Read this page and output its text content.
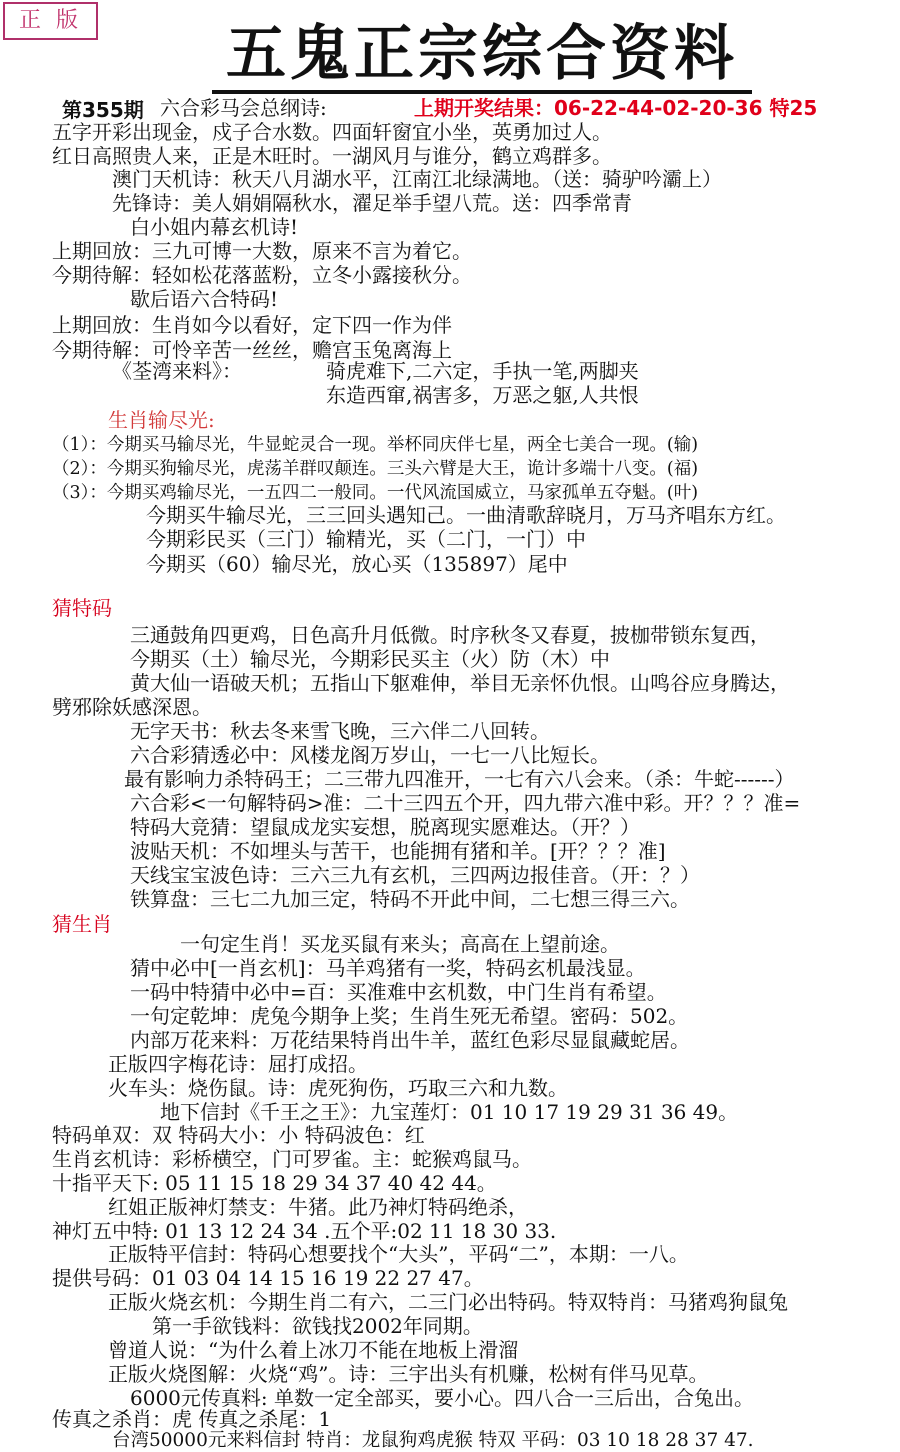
正 版 五鬼正宗综合资料
第355期 六合彩马会总纲诗:	上期开奖结果：06-22-44-02-20-36 特25
五字开彩出现金，戍子合水数。四面轩窗宜小坐，英勇加过人。
红日高照贵人来，正是木旺时。一湖风月与谁分，鹤立鸡群多。
澳门天机诗：秋天八月湖水平，江南江北绿满地。（送：骑驴吟灞上）
先锋诗：美人娟娟隔秋水，濯足举手望八荒。送：四季常青
白小姐内幕玄机诗!
上期回放：三九可博一大数，原来不言为着它。
今期待解：轻如松花落蓝粉，立冬小露接秋分。
歇后语六合特码!
上期回放：生肖如今以看好，定下四一作为伴
今期待解：可怜辛苦一丝丝，赡宫玉兔离海上
《荃湾来料》：	骑虎难下,二六定，手执一笔,两脚夹
东造西窜,祸害多，万恶之躯,人共恨
生肖输尽光:
（1）：今期买马输尽光，牛显蛇灵合一现。举杯同庆伴七星，两全七美合一现。(输)
（2）：今期买狗输尽光，虎荡羊群叹颠连。三头六臂是大王，诡计多端十八变。(福)
（3）：今期买鸡输尽光，一五四二一般同。一代风流国威立，马家孤单五夺魁。(叶)
今期买牛输尽光，三三回头遇知己。一曲清歌辞晓月，万马齐唱东方红。
今期彩民买（三门）输精光，买（二门，一门）中
今期买（60）输尽光，放心买（135897）尾中
猜特码
三通鼓角四更鸡，日色高升月低微。时序秋冬又春夏，披枷带锁东复西，
今期买（土）输尽光，今期彩民买主（火）防（木）中
黄大仙一语破天机；五指山下躯难伸，举目无亲怀仇恨。山鸣谷应身腾达，
劈邪除妖感深恩。
无字天书：秋去冬来雪飞晚，三六伴二八回转。
六合彩猜透必中：风楼龙阁万岁山，一七一八比短长。
最有影响力杀特码王；二三带九四准开，一七有六八会来。（杀：牛蛇------）
六合彩<一句解特码>准：二十三四五个开，四九带六准中彩。开？？？准=
特码大竞猜：望鼠成龙实妄想，脱离现实愿难达。（开？）
波贴天机：不如埋头与苦干，也能拥有猪和羊。[开？？？准]
天线宝宝波色诗：三六三九有玄机，三四两边报佳音。（开：？）
铁算盘：三七二九加三定，特码不开此中间，二七想三得三六。
猜生肖
一句定生肖！买龙买鼠有来头；高高在上望前途。
猜中必中[一肖玄机]：马羊鸡猪有一奖，特码玄机最浅显。
一码中特猜中必中=百：买准难中玄机数，中门生肖有希望。
一句定乾坤：虎兔今期争上奖；生肖生死无希望。密码：502。
内部万花来料：万花结果特肖出牛羊，蓝红色彩尽显鼠藏蛇居。
正版四字梅花诗：屈打成招。
火车头：烧伤鼠。诗：虎死狗伤，巧取三六和九数。
地下信封《千王之王》：九宝莲灯：01 10 17 19 29 31 36 49。
特码单双：双 特码大小：小 特码波色：红
生肖玄机诗：彩桥横空，门可罗雀。主：蛇猴鸡鼠马。
十指平天下: 05 11 15 18 29 34 37 40 42 44。
红姐正版神灯禁支：牛猪。此乃神灯特码绝杀，
神灯五中特: 01 13 12 24 34 .五个平:02 11 18 30 33.
正版特平信封：特码心想要找个“大头”，平码“二”，本期：一八。
提供号码：01 03 04 14 15 16 19 22 27 47。
正版火烧玄机：今期生肖二有六，二三门必出特码。特双特肖：马猪鸡狗鼠兔
第一手欲钱料：欲钱找2002年同期。
曾道人说：“为什么着上冰刀不能在地板上滑溜
正版火烧图解：火烧“鸡”。诗：三宇出头有机赚，松树有伴马见草。
6000元传真料: 单数一定全部买，要小心。四八合一三后出，合兔出。
传真之杀肖：虎 传真之杀尾：1
台湾50000元来料信封 特肖：龙鼠狗鸡虎猴 特双 平码：03 10 18 28 37 47.
